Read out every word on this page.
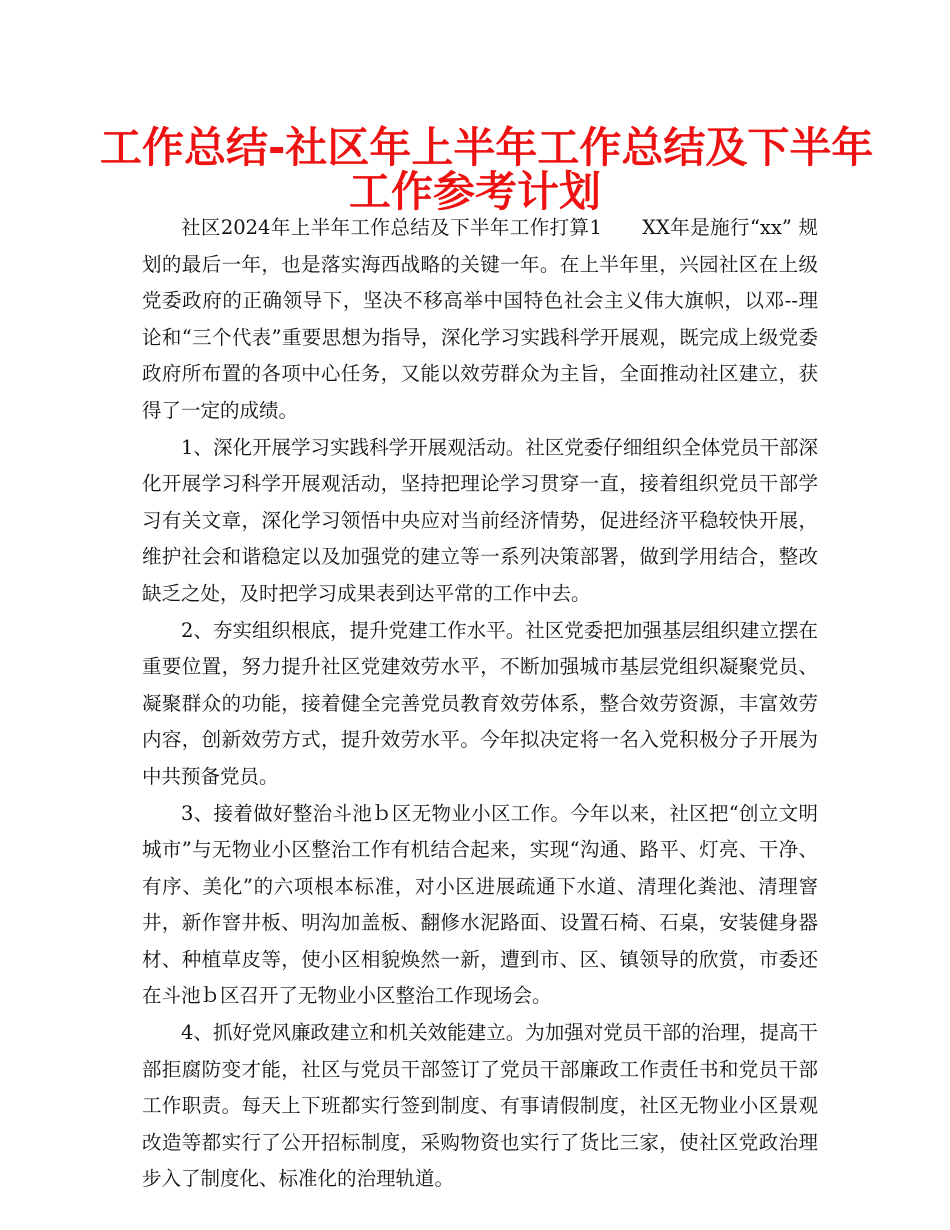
工作总结-社区年上半年工作总结及下半年
工作参考计划

社区2024年上半年工作总结及下半年工作打算1　　XX年是施行“xx” 规划的最后一年，也是落实海西战略的关键一年。在上半年里，兴园社区在上级党委政府的正确领导下，坚决不移高举中国特色社会主义伟大旗帜，以邓--理论和“三个代表”重要思想为指导，深化学习实践科学开展观，既完成上级党委政府所布置的各项中心任务，又能以效劳群众为主旨，全面推动社区建立，获得了一定的成绩。

1、深化开展学习实践科学开展观活动。社区党委仔细组织全体党员干部深化开展学习科学开展观活动，坚持把理论学习贯穿一直，接着组织党员干部学习有关文章，深化学习领悟中央应对当前经济情势，促进经济平稳较快开展，维护社会和谐稳定以及加强党的建立等一系列决策部署，做到学用结合，整改缺乏之处，及时把学习成果表到达平常的工作中去。

2、夯实组织根底，提升党建工作水平。社区党委把加强基层组织建立摆在重要位置，努力提升社区党建效劳水平，不断加强城市基层党组织凝聚党员、凝聚群众的功能，接着健全完善党员教育效劳体系，整合效劳资源，丰富效劳内容，创新效劳方式，提升效劳水平。今年拟决定将一名入党积极分子开展为中共预备党员。

3、接着做好整治斗池ｂ区无物业小区工作。今年以来，社区把“创立文明城市”与无物业小区整治工作有机结合起来，实现“沟通、路平、灯亮、干净、有序、美化”的六项根本标准，对小区进展疏通下水道、清理化粪池、清理窨井，新作窨井板、明沟加盖板、翻修水泥路面、设置石椅、石桌，安装健身器材、种植草皮等，使小区相貌焕然一新，遭到市、区、镇领导的欣赏，市委还在斗池ｂ区召开了无物业小区整治工作现场会。

4、抓好党风廉政建立和机关效能建立。为加强对党员干部的治理，提高干部拒腐防变才能，社区与党员干部签订了党员干部廉政工作责任书和党员干部工作职责。每天上下班都实行签到制度、有事请假制度，社区无物业小区景观改造等都实行了公开招标制度，采购物资也实行了货比三家，使社区党政治理步入了制度化、标准化的治理轨道。
